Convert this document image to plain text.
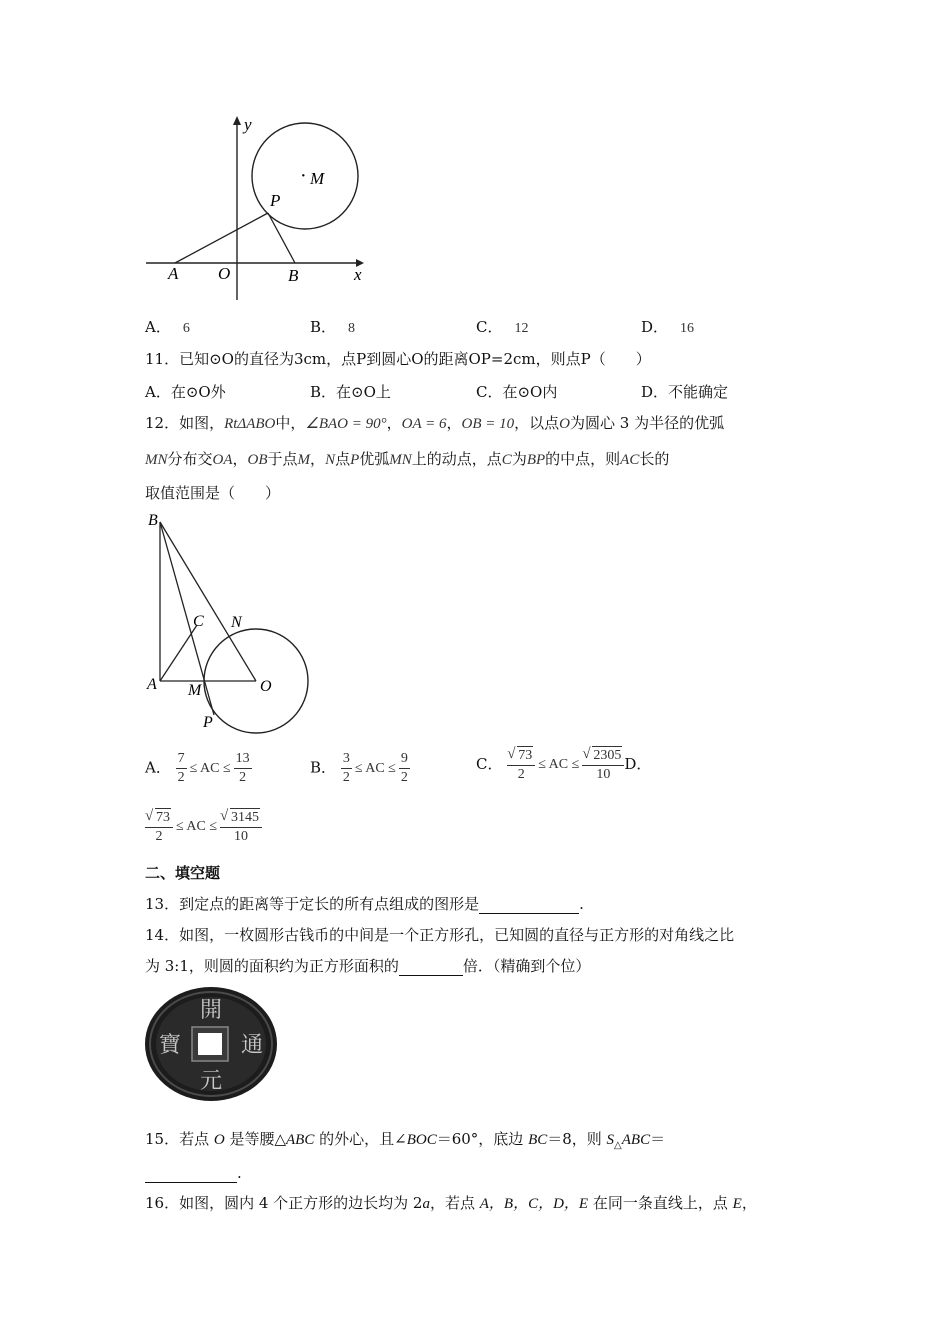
y
x
A O	B
P
· M
A． 6	B． 8	C． 12	D． 16
11．已知⊙O的直径为3cm，点P到圆心O的距离OP=2cm，则点P（　　）
A．在⊙O外	B．在⊙O上	C．在⊙O内	D．不能确定
12．如图，RtΔABO中，∠BAO = 90°，OA = 6，OB = 10，以点O为圆心 3 为半径的优弧
MN分布交OA，OB于点M，N点P优弧MN上的动点，点C为BP的中点，则AC长的
取值范围是（　　）
B
C N
A M	O
P
A． $\frac{7}{2}$ ≤ AC ≤ $\frac{13}{2}$	B． $\frac{3}{2}$ ≤ AC ≤ $\frac{9}{2}$	C． √ $\frac{73}{2}$ ≤ AC ≤ √ $\frac{2305}{10}$ D．
√ $\frac{73}{2}$ ≤ AC ≤ √ $\frac{3145}{10}$
二、填空题
13．到定点的距离等于定长的所有点组成的图形是	.
14．如图，一枚圆形古钱币的中间是一个正方形孔，已知圆的直径与正方形的对角线之比
为 3:1，则圆的面积约为正方形面积的	倍．（精确到个位）
開
元
寶	通
15．若点 O 是等腰△ABC 的外心，且∠BOC＝60°，底边 BC＝8，则 $S_\triangle ABC=$
.
16．如图，圆内 4 个正方形的边长均为 2a，若点 A，B，C，D，E 在同一条直线上，点 E，
